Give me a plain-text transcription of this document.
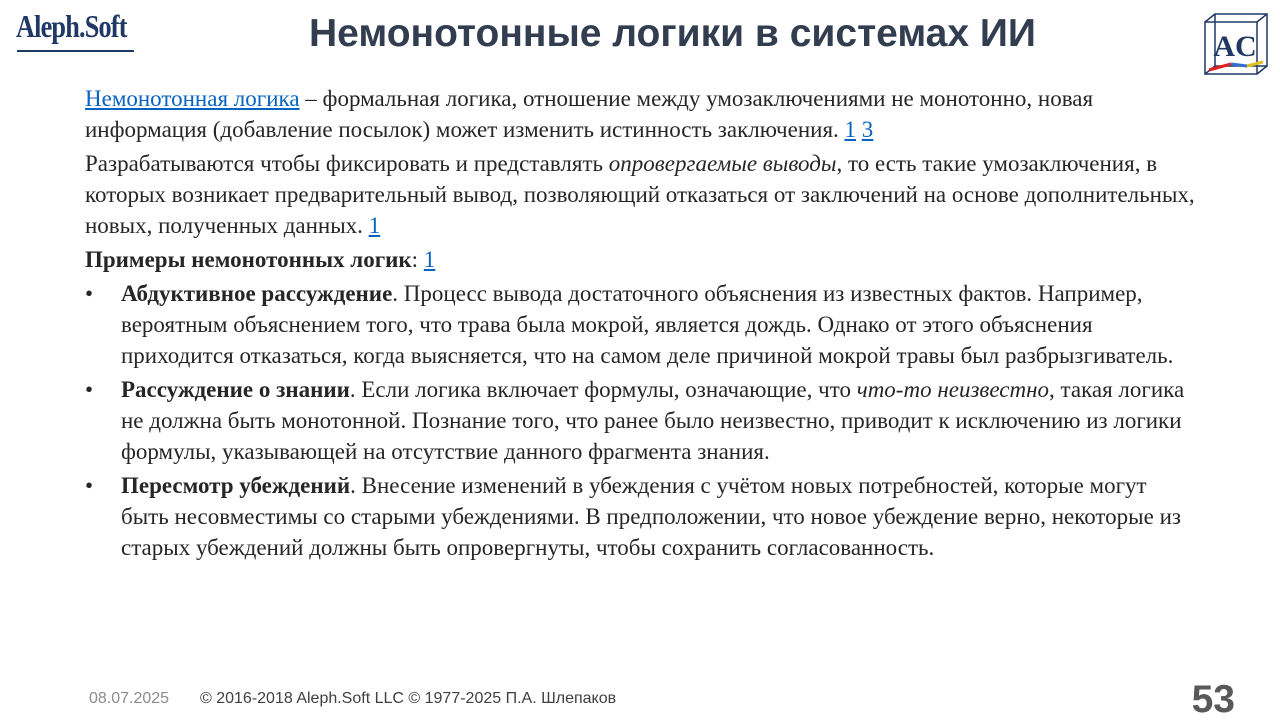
Aleph.Soft	Немонотонные логики в системах ИИ	AC

Немонотонная логика – формальная логика, отношение между умозаключениями не монотонно, новая информация (добавление посылок) может изменить истинность заключения. 1 3

Разрабатываются чтобы фиксировать и представлять опровергаемые выводы, то есть такие умозаключения, в которых возникает предварительный вывод, позволяющий отказаться от заключений на основе дополнительных, новых, полученных данных. 1

Примеры немонотонных логик: 1

• Абдуктивное рассуждение. Процесс вывода достаточного объяснения из известных фактов. Например, вероятным объяснением того, что трава была мокрой, является дождь. Однако от этого объяснения приходится отказаться, когда выясняется, что на самом деле причиной мокрой травы был разбрызгиватель.
• Рассуждение о знании. Если логика включает формулы, означающие, что что-то неизвестно, такая логика не должна быть монотонной. Познание того, что ранее было неизвестно, приводит к исключению из логики формулы, указывающей на отсутствие данного фрагмента знания.
• Пересмотр убеждений. Внесение изменений в убеждения с учётом новых потребностей, которые могут быть несовместимы со старыми убеждениями. В предположении, что новое убеждение верно, некоторые из старых убеждений должны быть опровергнуты, чтобы сохранить согласованность.
08.07.2025 © 2016-2018 Aleph.Soft LLC © 1977-2025 П.А. Шлепаков	53
